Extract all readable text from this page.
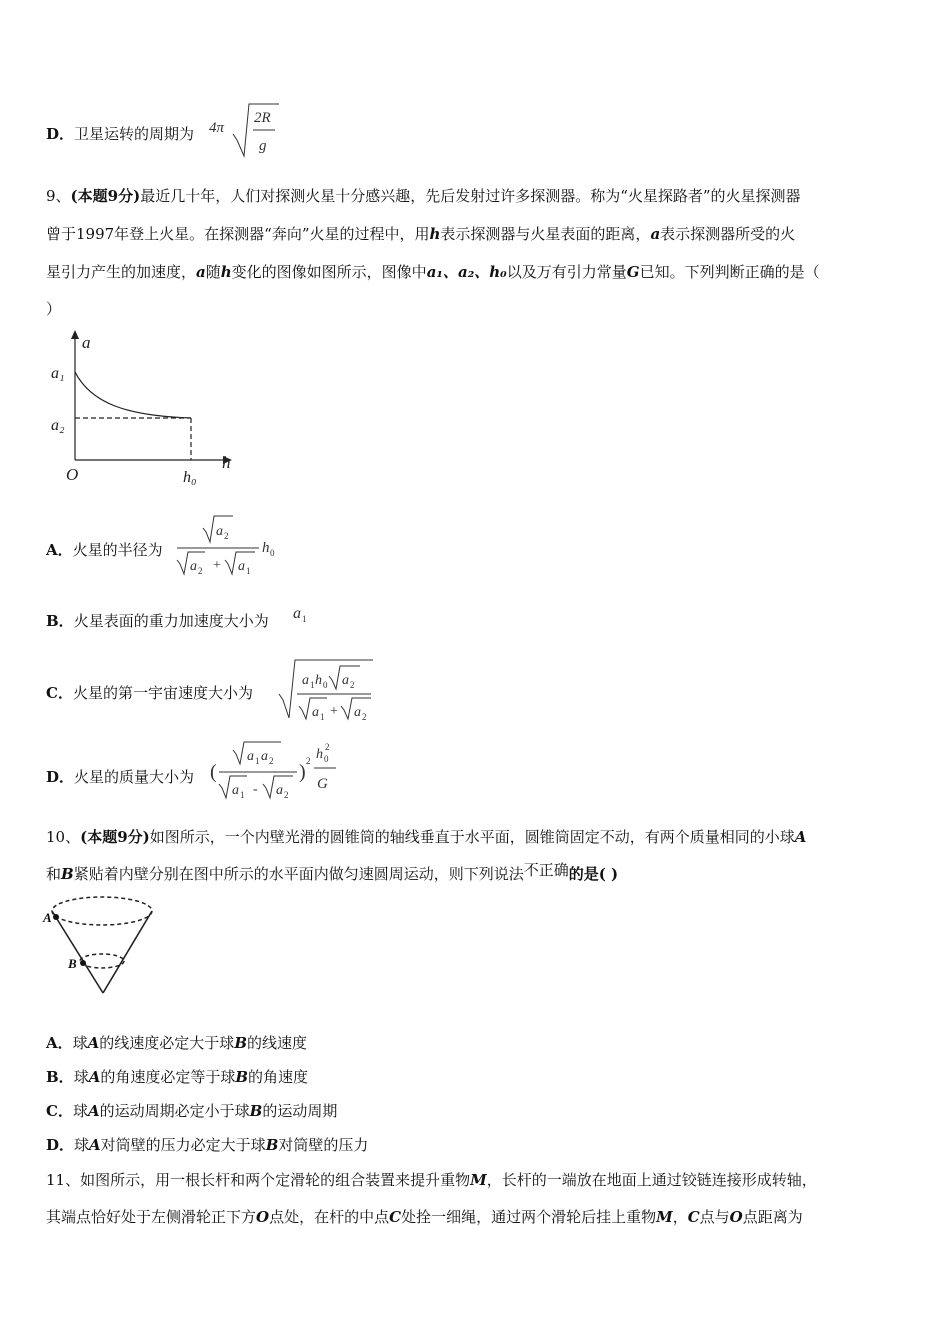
D．卫星运转的周期为 4π
2R
g
9、(本题9分)最近几十年，人们对探测火星十分感兴趣，先后发射过许多探测器。称为“火星探路者”的火星探测器
曾于1997年登上火星。在探测器“奔向”火星的过程中，用h表示探测器与火星表面的距离，a表示探测器所受的火
星引力产生的加速度，a随h变化的图像如图所示，图像中a₁、a₂、h₀以及万有引力常量G已知。下列判断正确的是（
）
a
a₁
a₂
O
h
h₀
A．火星的半径为
a 2
a 2 + a 1
h 0
B．火星表面的重力加速度大小为 a 1
C．火星的第一宇宙速度大小为
a 1 h 0 a 2
a 1 + a 2
D．火星的质量大小为 (
a 1 a 2
a 1 - a 2
) 2 h 0
2
G
10、(本题9分)如图所示，一个内壁光滑的圆锥筒的轴线垂直于水平面，圆锥筒固定不动，有两个质量相同的小球A
和B紧贴着内壁分别在图中所示的水平面内做匀速圆周运动，则下列说法不正确的是( )
A
B
A．球A的线速度必定大于球B的线速度
B．球A的角速度必定等于球B的角速度
C．球A的运动周期必定小于球B的运动周期
D．球A对筒壁的压力必定大于球B对筒壁的压力
11、如图所示，用一根长杆和两个定滑轮的组合装置来提升重物M，长杆的一端放在地面上通过铰链连接形成转轴，
其端点恰好处于左侧滑轮正下方O点处，在杆的中点C处拴一细绳，通过两个滑轮后挂上重物M，C点与O点距离为
